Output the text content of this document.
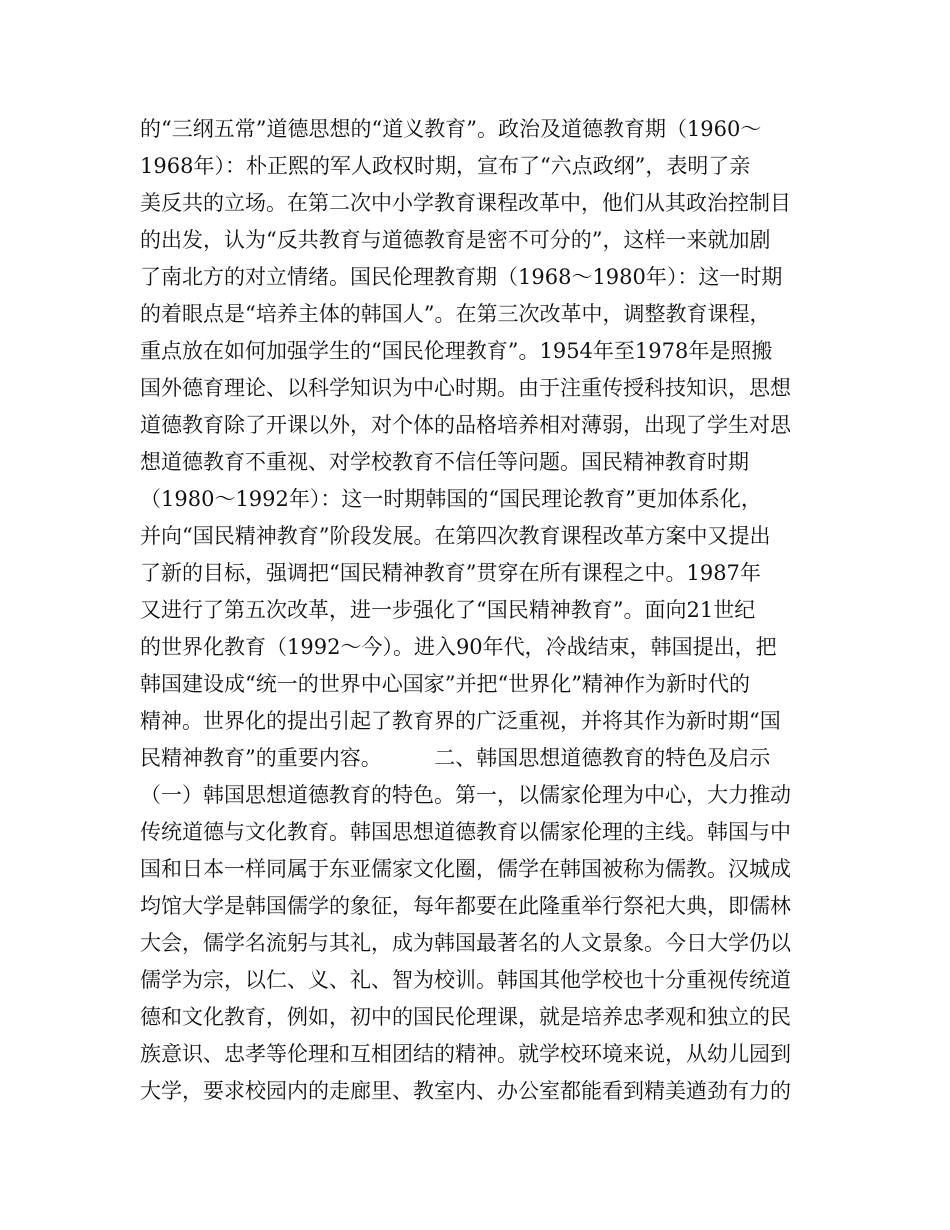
的“三纲五常”道德思想的“道义教育”。政治及道德教育期（1960～
1968年）：朴正熙的军人政权时期，宣布了“六点政纲”，表明了亲
美反共的立场。在第二次中小学教育课程改革中，他们从其政治控制目
的出发，认为“反共教育与道德教育是密不可分的”，这样一来就加剧
了南北方的对立情绪。国民伦理教育期（1968～1980年）：这一时期
的着眼点是“培养主体的韩国人”。在第三次改革中，调整教育课程，
重点放在如何加强学生的“国民伦理教育”。1954年至1978年是照搬
国外德育理论、以科学知识为中心时期。由于注重传授科技知识，思想
道德教育除了开课以外，对个体的品格培养相对薄弱，出现了学生对思
想道德教育不重视、对学校教育不信任等问题。国民精神教育时期
（1980～1992年）：这一时期韩国的“国民理论教育”更加体系化，
并向“国民精神教育”阶段发展。在第四次教育课程改革方案中又提出
了新的目标，强调把“国民精神教育”贯穿在所有课程之中。1987年
又进行了第五次改革，进一步强化了“国民精神教育”。面向21世纪
的世界化教育（1992～今）。进入90年代，冷战结束，韩国提出，把
韩国建设成“统一的世界中心国家”并把“世界化”精神作为新时代的
精神。世界化的提出引起了教育界的广泛重视，并将其作为新时期“国
民精神教育”的重要内容。　　　二、韩国思想道德教育的特色及启示
（一）韩国思想道德教育的特色。第一，以儒家伦理为中心，大力推动
传统道德与文化教育。韩国思想道德教育以儒家伦理的主线。韩国与中
国和日本一样同属于东亚儒家文化圈，儒学在韩国被称为儒教。汉城成
均馆大学是韩国儒学的象征，每年都要在此隆重举行祭祀大典，即儒林
大会，儒学名流躬与其礼，成为韩国最著名的人文景象。今日大学仍以
儒学为宗，以仁、义、礼、智为校训。韩国其他学校也十分重视传统道
德和文化教育，例如，初中的国民伦理课，就是培养忠孝观和独立的民
族意识、忠孝等伦理和互相团结的精神。就学校环境来说，从幼儿园到
大学，要求校园内的走廊里、教室内、办公室都能看到精美遒劲有力的
